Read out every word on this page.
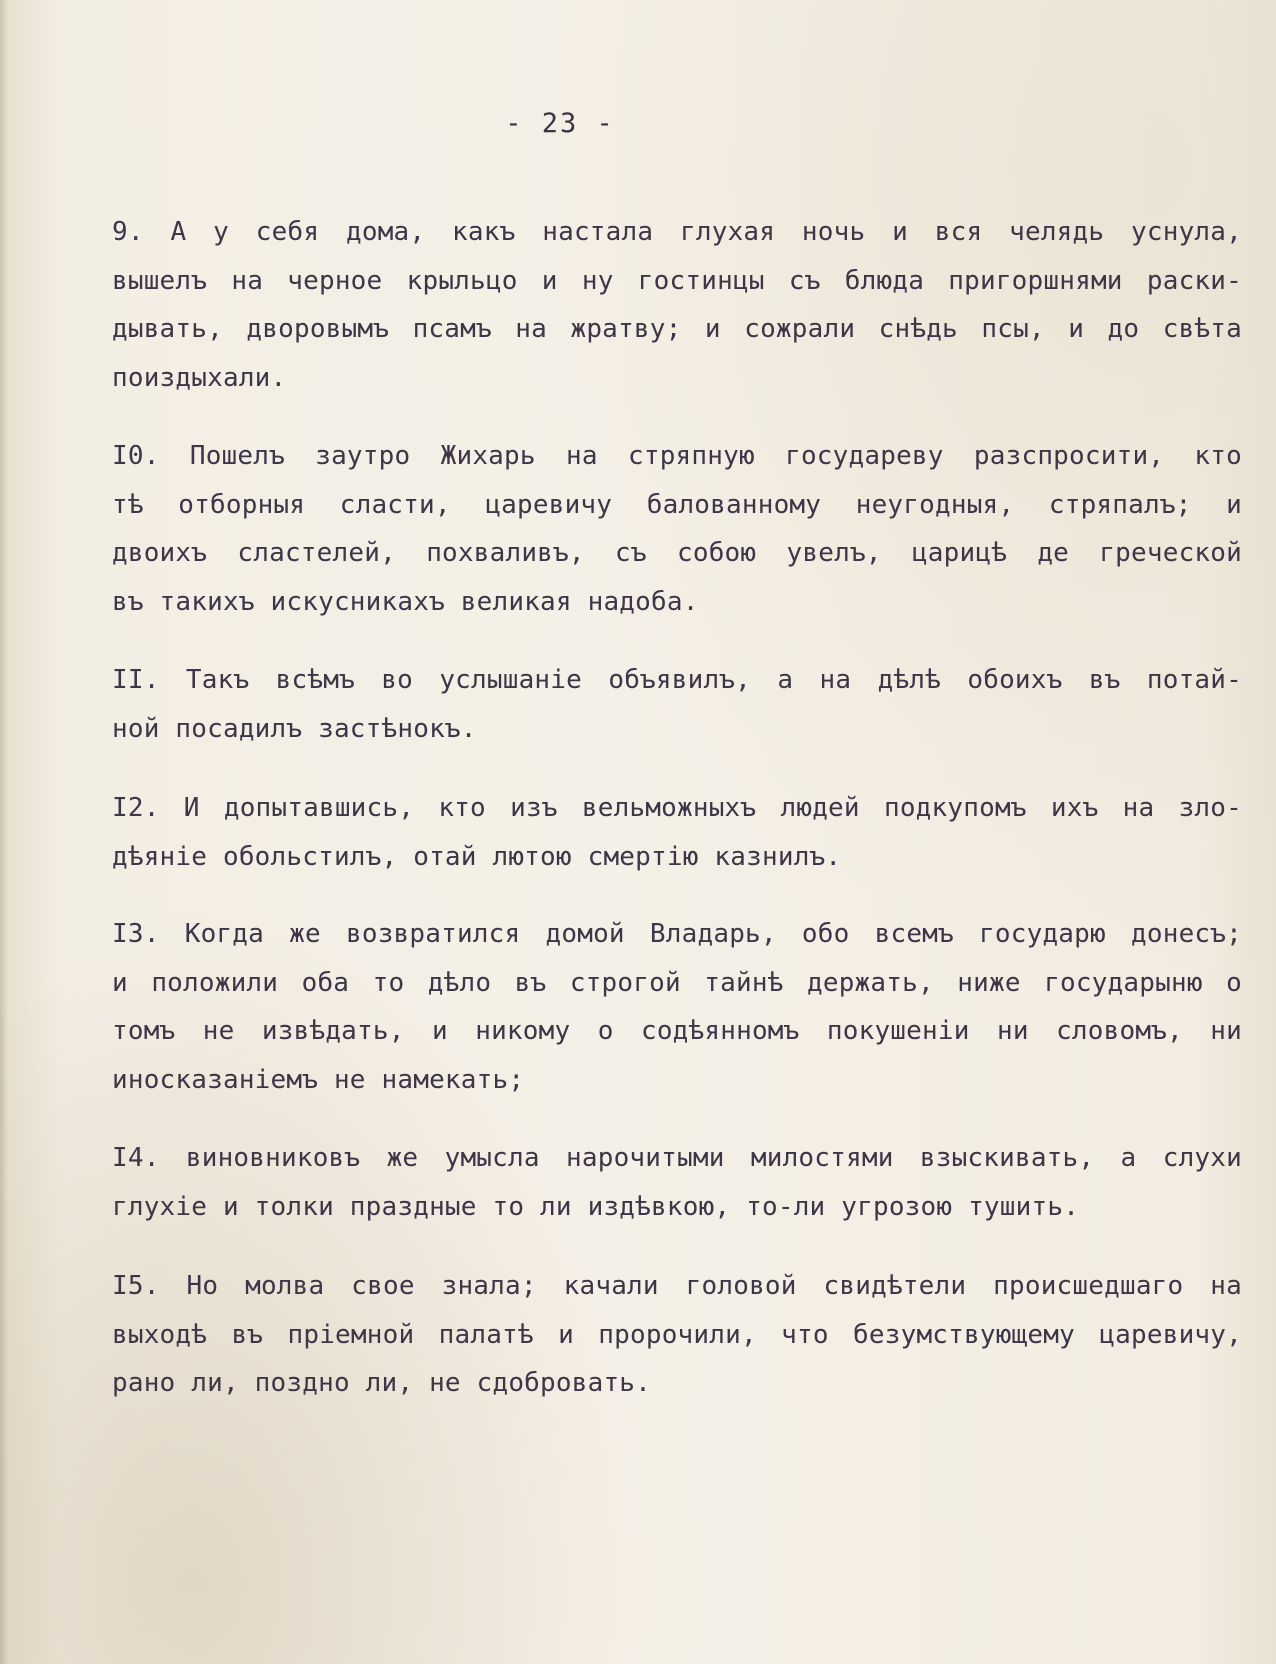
- 23 -
9. А у себя дома, какъ настала глухая ночь и вся челядь уснула,
вышелъ на черное крыльцо и ну гостинцы съ блюда пригоршнями раски-
дывать, дворовымъ псамъ на жратву; и сожрали снѣдь псы, и до свѣта
поиздыхали.
I0. Пошелъ заутро Жихарь на стряпную государеву разспросити, кто
тѣ отборныя сласти, царевичу балованному неугодныя, стряпалъ; и
двоихъ сластелей, похваливъ, съ собою увелъ, царицѣ де греческой
въ такихъ искусникахъ великая надоба.
II. Такъ всѣмъ во услышаніе объявилъ, а на дѣлѣ обоихъ въ потай-
ной посадилъ застѣнокъ.
I2. И допытавшись, кто изъ вельможныхъ людей подкупомъ ихъ на зло-
дѣяніе обольстилъ, отай лютою смертію казнилъ.
I3. Когда же возвратился домой Владарь, обо всемъ государю донесъ;
и положили оба то дѣло въ строгой тайнѣ держать, ниже государыню о
томъ не извѣдать, и никому о содѣянномъ покушеніи ни словомъ, ни
иносказаніемъ не намекать;
I4. виновниковъ же умысла нарочитыми милостями взыскивать, а слухи
глухіе и толки праздные то ли издѣвкою, то-ли угрозою тушить.
I5. Но молва свое знала; качали головой свидѣтели происшедшаго на
выходѣ въ пріемной палатѣ и пророчили, что безумствующему царевичу,
рано ли, поздно ли, не сдобровать.
